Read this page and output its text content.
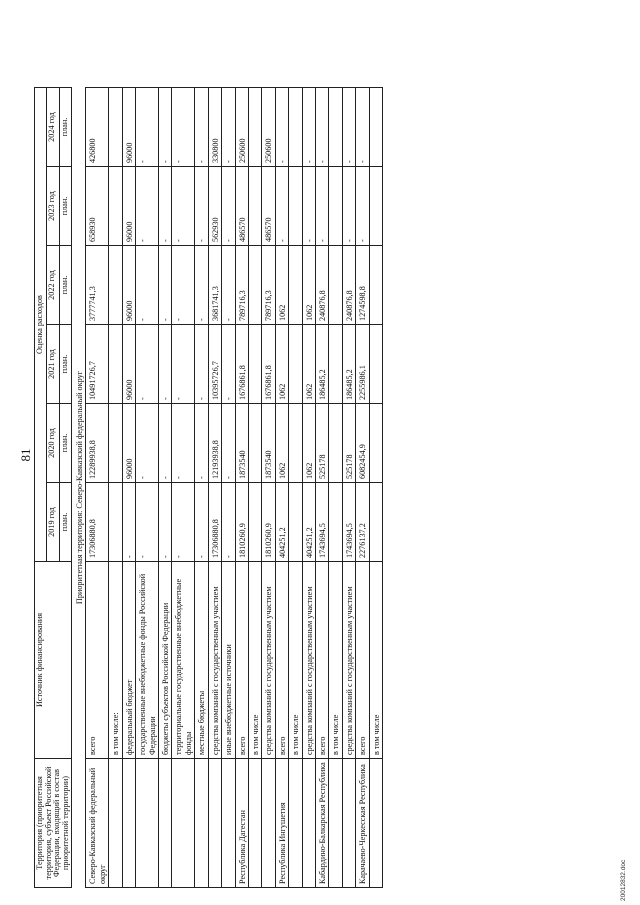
81
Территория (приоритетная территория, субъект Российской Федерации, входящий в состав приоритетной территории)	Источник финансирования	Оценка расходов					
		2019 год	2020 год	2021 год	2022 год	2023 год	2024 год
		план.	план.	план.	план.	план.	план.
Приоритетная территория: Северо-Кавказский федеральный округ							
Северо-Кавказский федеральный округ	всего	17306880,8	12289938,8	10491726,7	3777741,3	658930	426800
	в том числе:						
	федеральный бюджет	-	96000	96000	96000	96000	96000
	государственные внебюджетные фонды Российской Федерации	-	-	-	-	-	-
	бюджеты субъектов Российской Федерации	-	-	-	-	-	-
	территориальные государственные внебюджетные фонды	-	-	-	-	-	-
	местные бюджеты	-	-	-	-	-	-
	средства компаний с государственным участием	17306880,8	12193938,8	10395726,7	3681741,3	562930	330800
	иные внебюджетные источники	-	-	-	-	-	-
Республика Дагестан	всего	1810260,9	1873540	1676861,8	789716,3	486570	250600
	в том числе						
	средства компаний с государственным участием	1810260,9	1873540	1676861,8	789716,3	486570	250600
Республика Ингушетия	всего	404251,2	1062	1062	1062	-	-
	в том числе						
	средства компаний с государственным участием	404251,2	1062	1062	1062	-	-
Кабардино-Балкарская Республика	всего	1743694,5	525178	186485,2	240876,8	-	-
	в том числе						
	средства компаний с государственным участием	1743694,5	525178	186485,2	240876,8	-	-
Карачаево-Черкесская Республика	всего	2276137,2	6082454,9	2255986,1	1274598,8	-	-
	в том числе						
20012832.doc
